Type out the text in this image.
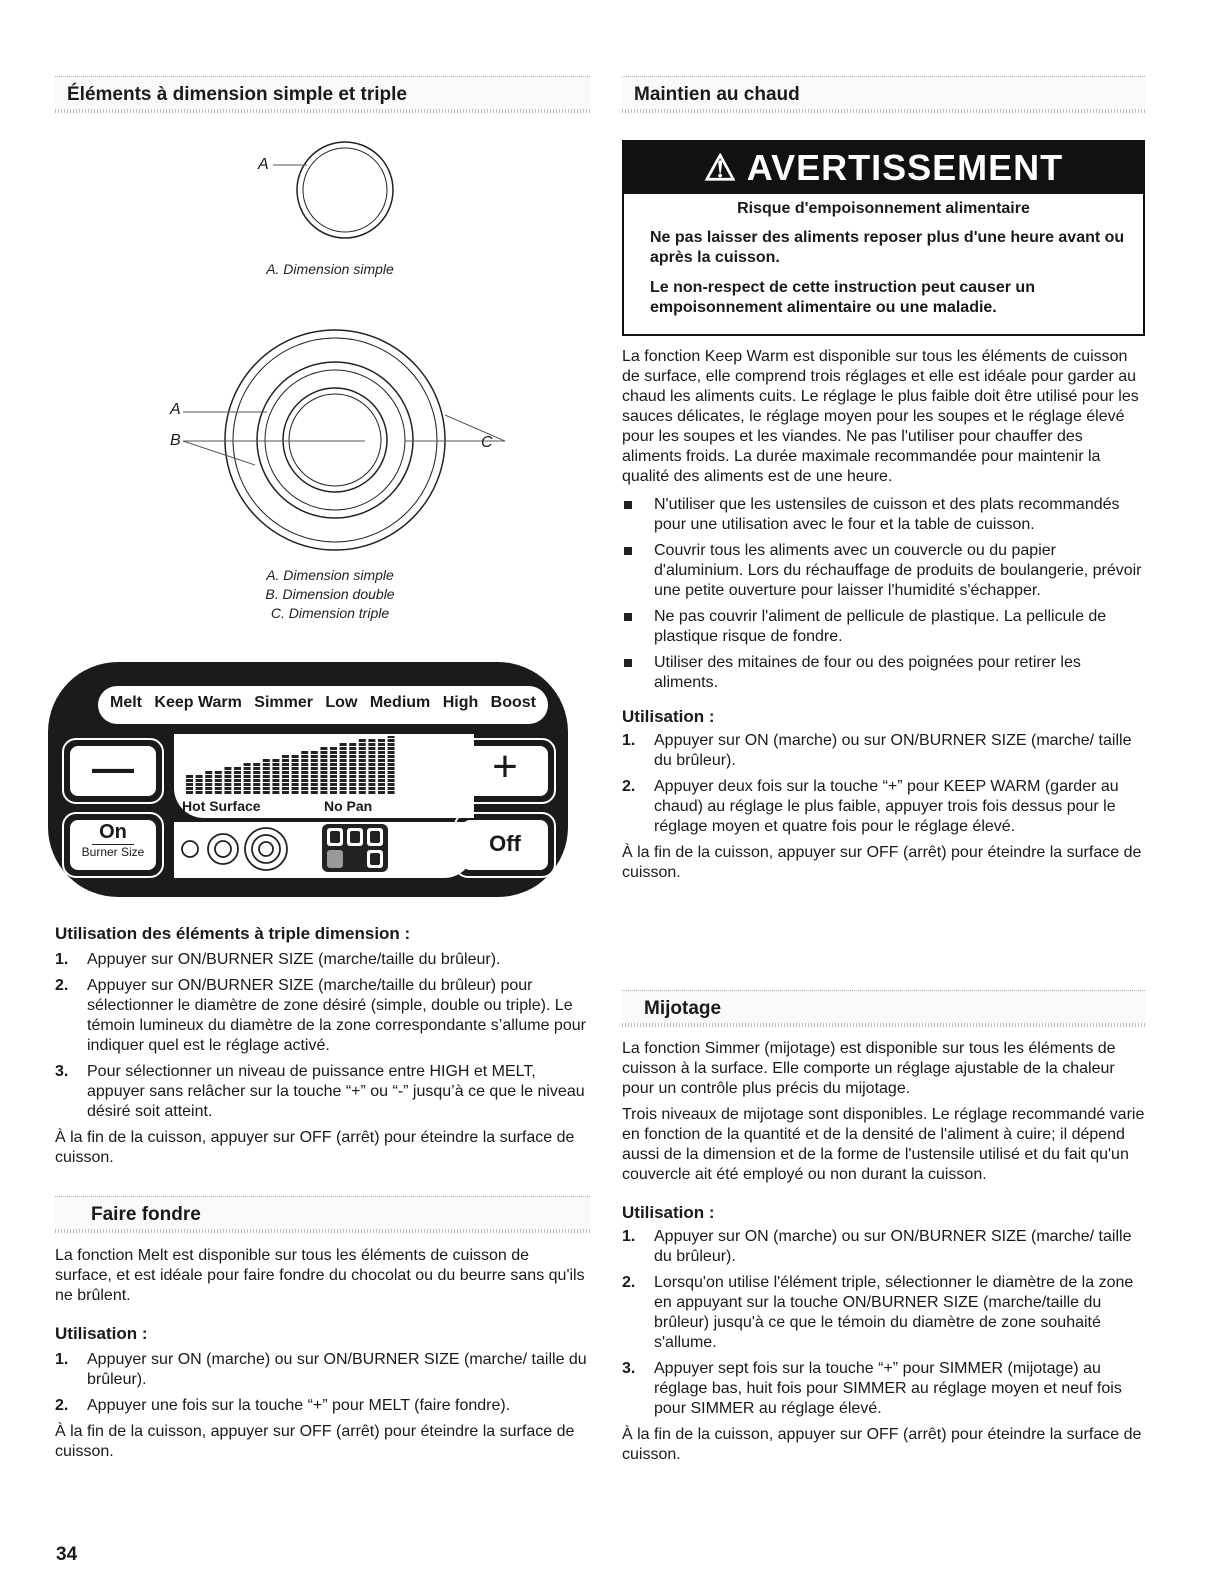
Éléments à dimension simple et triple
A
A. Dimension simple
A
B	C
A. Dimension simple
B. Dimension double
C. Dimension triple
Melt Keep Warm Simmer Low Medium High Boost
—
Hot Surface	No Pan
+
On
Burner Size	Off
Utilisation des éléments à triple dimension :
1. Appuyer sur ON/BURNER SIZE (marche/taille du brûleur).
2. Appuyer sur ON/BURNER SIZE (marche/taille du brûleur) pour sélectionner le diamètre de zone désiré (simple, double ou triple). Le témoin lumineux du diamètre de la zone correspondante s’allume pour indiquer quel est le réglage activé.
3. Pour sélectionner un niveau de puissance entre HIGH et MELT, appuyer sans relâcher sur la touche “+” ou “-” jusqu’à ce que le niveau désiré soit atteint.
À la fin de la cuisson, appuyer sur OFF (arrêt) pour éteindre la surface de cuisson.
Faire fondre
La fonction Melt est disponible sur tous les éléments de cuisson de surface, et est idéale pour faire fondre du chocolat ou du beurre sans qu'ils ne brûlent.
Utilisation :
1. Appuyer sur ON (marche) ou sur ON/BURNER SIZE (marche/ taille du brûleur).
2. Appuyer une fois sur la touche “+” pour MELT (faire fondre).
À la fin de la cuisson, appuyer sur OFF (arrêt) pour éteindre la surface de cuisson.
34
Maintien au chaud
⚠ AVERTISSEMENT
Risque d'empoisonnement alimentaire
Ne pas laisser des aliments reposer plus d'une heure avant ou après la cuisson.
Le non-respect de cette instruction peut causer un empoisonnement alimentaire ou une maladie.
La fonction Keep Warm est disponible sur tous les éléments de cuisson de surface, elle comprend trois réglages et elle est idéale pour garder au chaud les aliments cuits. Le réglage le plus faible doit être utilisé pour les sauces délicates, le réglage moyen pour les soupes et le réglage élevé pour les soupes et les viandes. Ne pas l'utiliser pour chauffer des aliments froids. La durée maximale recommandée pour maintenir la qualité des aliments est de une heure.
N'utiliser que les ustensiles de cuisson et des plats recommandés pour une utilisation avec le four et la table de cuisson.
Couvrir tous les aliments avec un couvercle ou du papier d'aluminium. Lors du réchauffage de produits de boulangerie, prévoir une petite ouverture pour laisser l'humidité s'échapper.
Ne pas couvrir l'aliment de pellicule de plastique. La pellicule de plastique risque de fondre.
Utiliser des mitaines de four ou des poignées pour retirer les aliments.
Utilisation :
1. Appuyer sur ON (marche) ou sur ON/BURNER SIZE (marche/ taille du brûleur).
2. Appuyer deux fois sur la touche “+” pour KEEP WARM (garder au chaud) au réglage le plus faible, appuyer trois fois dessus pour le réglage moyen et quatre fois pour le réglage élevé.
À la fin de la cuisson, appuyer sur OFF (arrêt) pour éteindre la surface de cuisson.
Mijotage
La fonction Simmer (mijotage) est disponible sur tous les éléments de cuisson à la surface. Elle comporte un réglage ajustable de la chaleur pour un contrôle plus précis du mijotage.
Trois niveaux de mijotage sont disponibles. Le réglage recommandé varie en fonction de la quantité et de la densité de l'aliment à cuire; il dépend aussi de la dimension et de la forme de l'ustensile utilisé et du fait qu'un couvercle ait été employé ou non durant la cuisson.
Utilisation :
1. Appuyer sur ON (marche) ou sur ON/BURNER SIZE (marche/ taille du brûleur).
2. Lorsqu'on utilise l'élément triple, sélectionner le diamètre de la zone en appuyant sur la touche ON/BURNER SIZE (marche/taille du brûleur) jusqu'à ce que le témoin du diamètre de zone souhaité s'allume.
3. Appuyer sept fois sur la touche “+” pour SIMMER (mijotage) au réglage bas, huit fois pour SIMMER au réglage moyen et neuf fois pour SIMMER au réglage élevé.
À la fin de la cuisson, appuyer sur OFF (arrêt) pour éteindre la surface de cuisson.
